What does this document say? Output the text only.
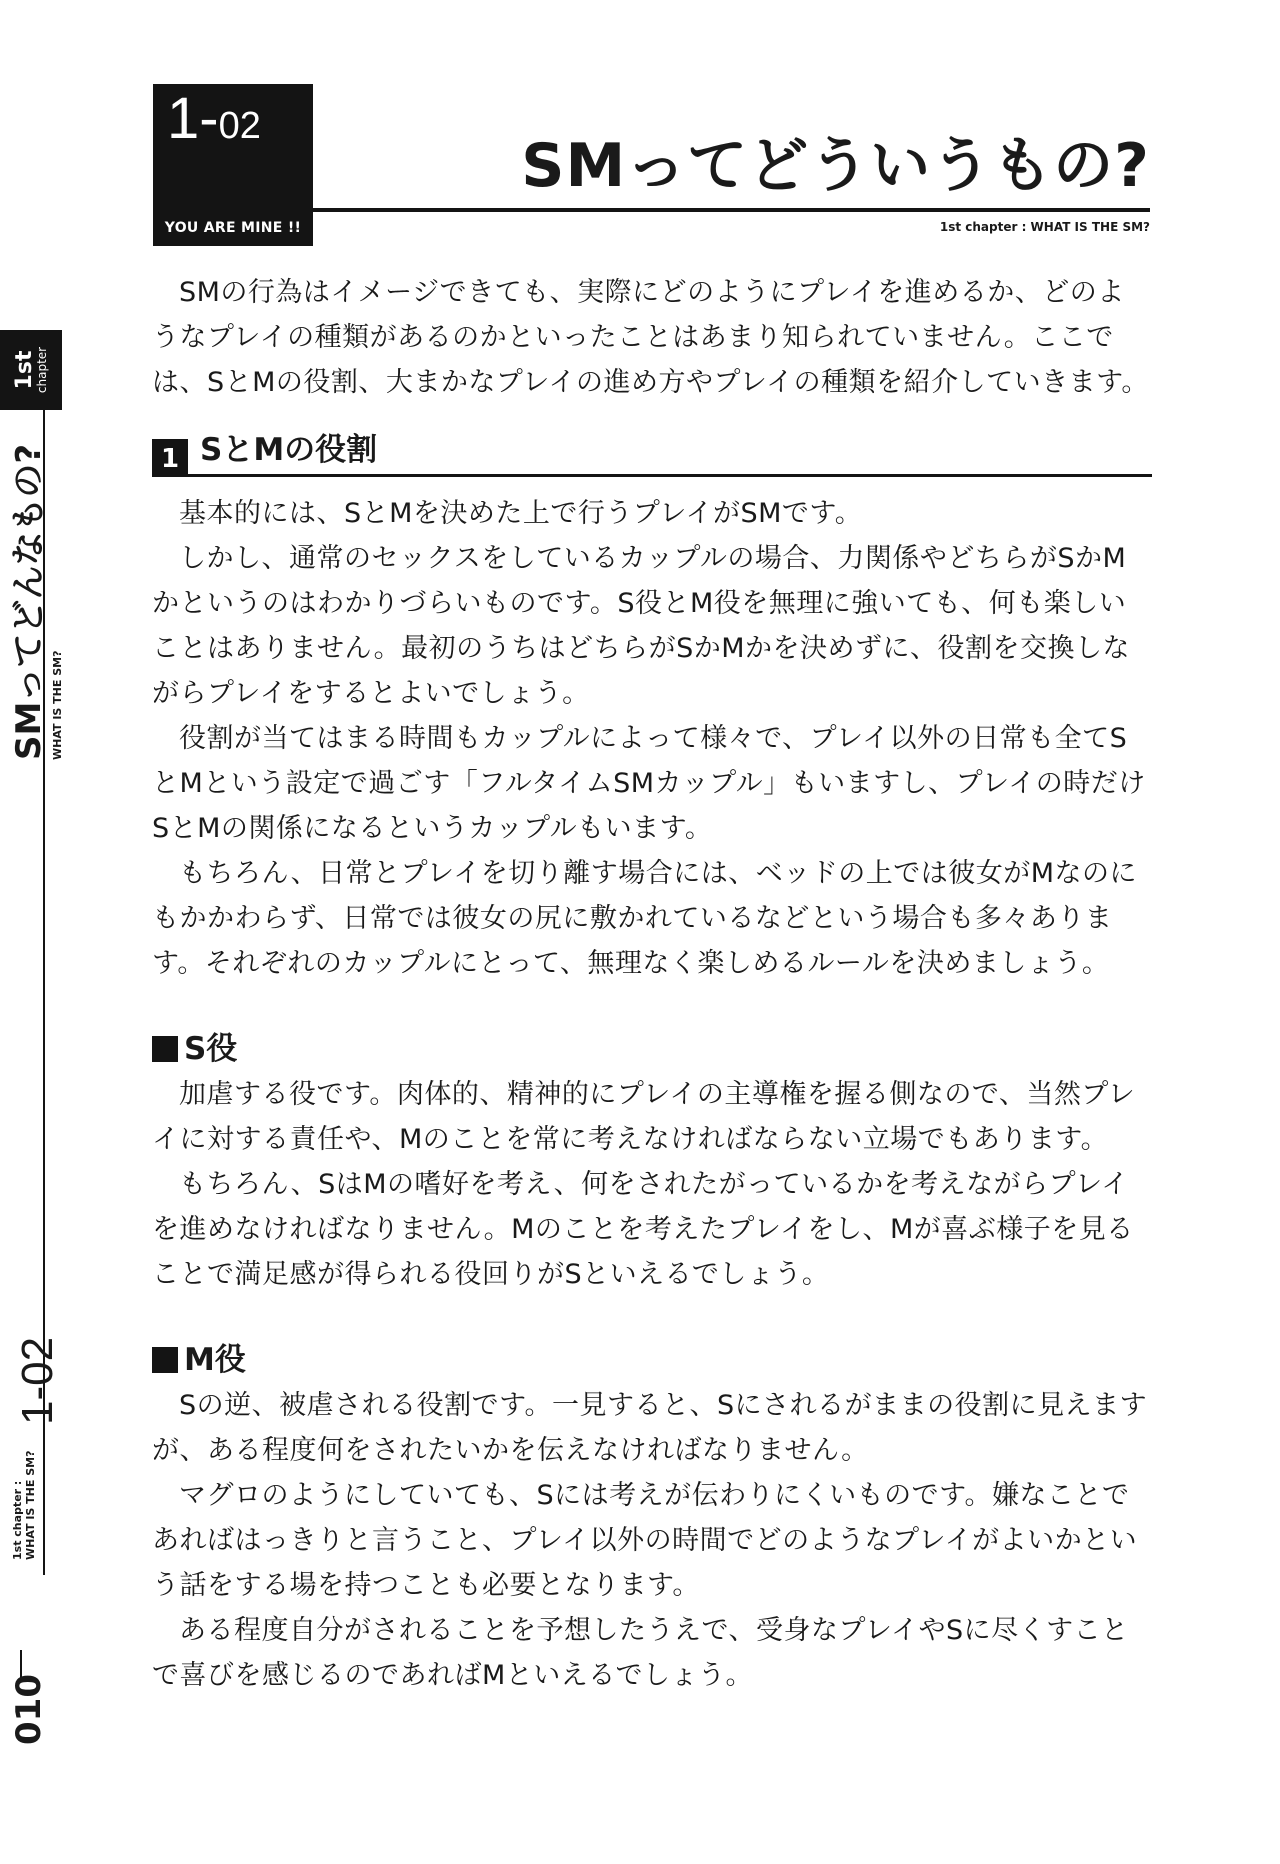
1-02
YOU ARE MINE !!
SMってどういうもの?
1st chapter : WHAT IS THE SM?
1st
chapter
SMってどんなもの? WHAT IS THE SM?
1-02
1st chapter : WHAT IS THE SM?
010

SMの行為はイメージできても、実際にどのようにプレイを進めるか、どのようなプレイの種類があるのかといったことはあまり知られていません。ここでは、SとMの役割、大まかなプレイの進め方やプレイの種類を紹介していきます。

1 SとMの役割

基本的には、SとMを決めた上で行うプレイがSMです。

しかし、通常のセックスをしているカップルの場合、力関係やどちらがSかMかというのはわかりづらいものです。S役とM役を無理に強いても、何も楽しいことはありません。最初のうちはどちらがSかMかを決めずに、役割を交換しながらプレイをするとよいでしょう。

役割が当てはまる時間もカップルによって様々で、プレイ以外の日常も全てSとMという設定で過ごす「フルタイムSMカップル」もいますし、プレイの時だけSとMの関係になるというカップルもいます。

もちろん、日常とプレイを切り離す場合には、ベッドの上では彼女がMなのにもかかわらず、日常では彼女の尻に敷かれているなどという場合も多々あります。それぞれのカップルにとって、無理なく楽しめるルールを決めましょう。

S役

加虐する役です。肉体的、精神的にプレイの主導権を握る側なので、当然プレイに対する責任や、Mのことを常に考えなければならない立場でもあります。

もちろん、SはMの嗜好を考え、何をされたがっているかを考えながらプレイを進めなければなりません。Mのことを考えたプレイをし、Mが喜ぶ様子を見ることで満足感が得られる役回りがSといえるでしょう。

M役

Sの逆、被虐される役割です。一見すると、Sにされるがままの役割に見えますが、ある程度何をされたいかを伝えなければなりません。

マグロのようにしていても、Sには考えが伝わりにくいものです。嫌なことであればはっきりと言うこと、プレイ以外の時間でどのようなプレイがよいかという話をする場を持つことも必要となります。

ある程度自分がされることを予想したうえで、受身なプレイやSに尽くすことで喜びを感じるのであればMといえるでしょう。
